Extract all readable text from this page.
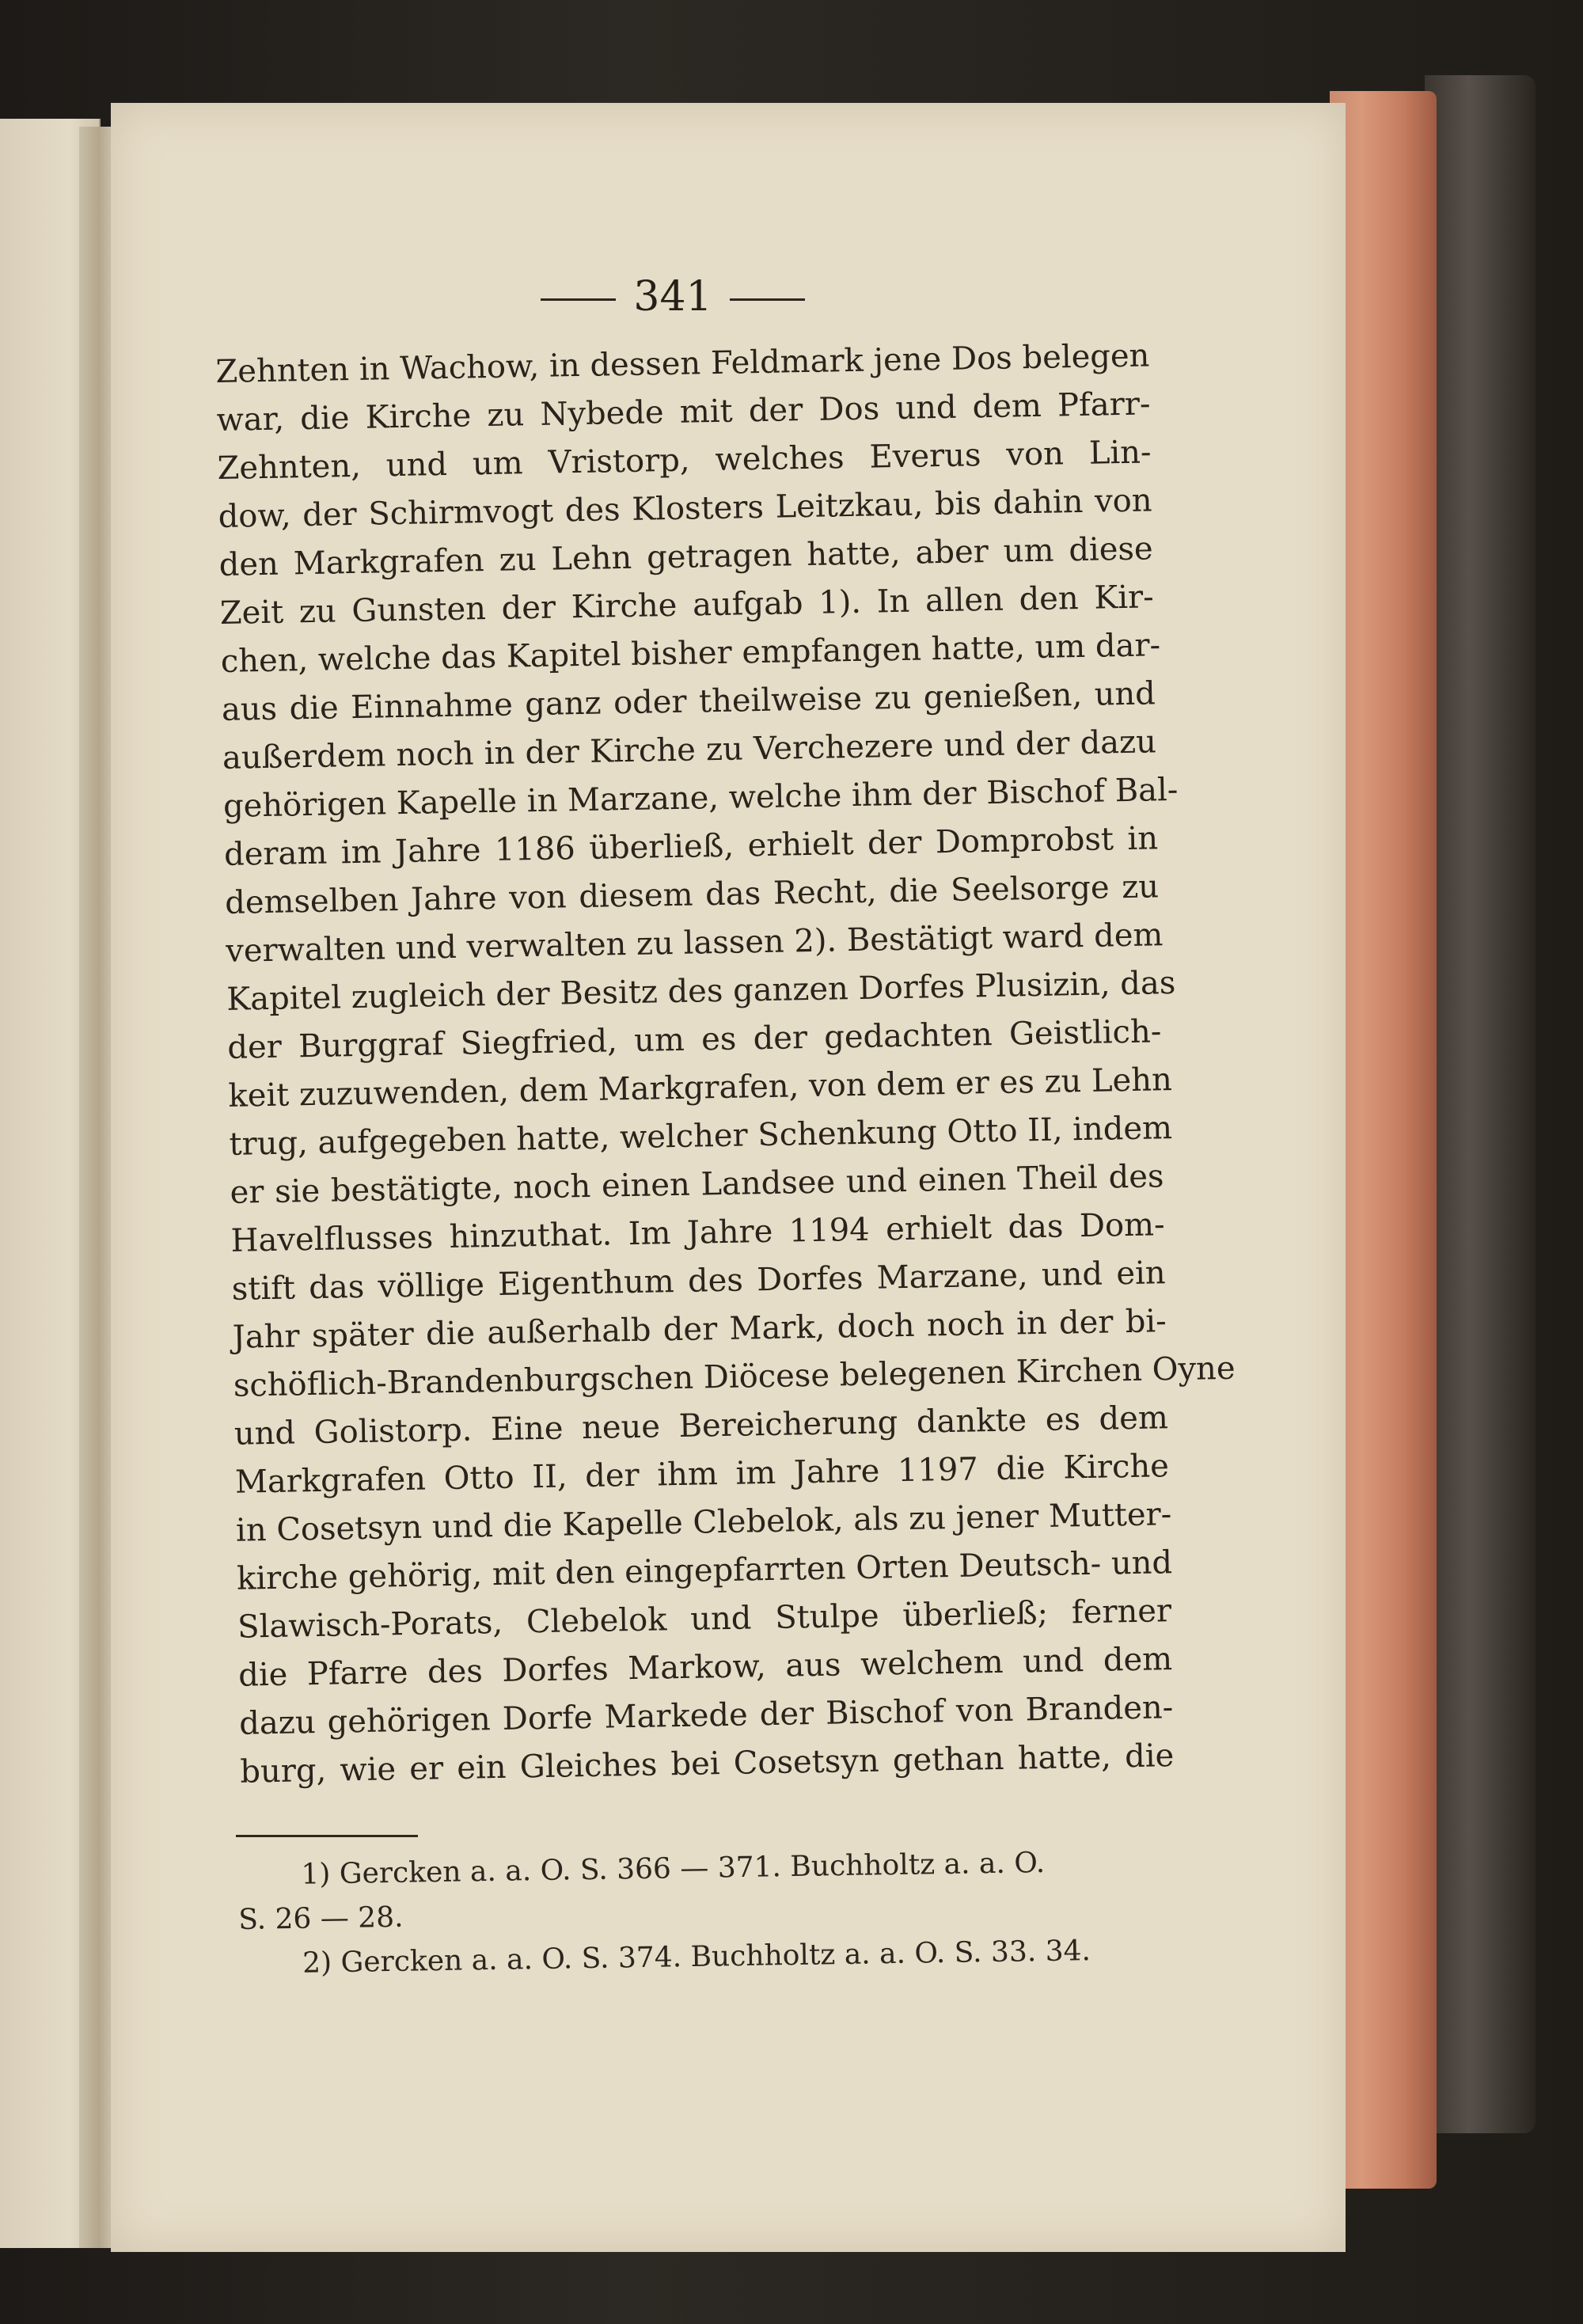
341
Zehnten in Wachow, in dessen Feldmark jene Dos belegen
war, die Kirche zu Nybede mit der Dos und dem Pfarr-
Zehnten, und um Vristorp, welches Everus von Lin-
dow, der Schirmvogt des Klosters Leitzkau, bis dahin von
den Markgrafen zu Lehn getragen hatte, aber um diese
Zeit zu Gunsten der Kirche aufgab 1). In allen den Kir-
chen, welche das Kapitel bisher empfangen hatte, um dar-
aus die Einnahme ganz oder theilweise zu genießen, und
außerdem noch in der Kirche zu Verchezere und der dazu
gehörigen Kapelle in Marzane, welche ihm der Bischof Bal-
deram im Jahre 1186 überließ, erhielt der Domprobst in
demselben Jahre von diesem das Recht, die Seelsorge zu
verwalten und verwalten zu lassen 2). Bestätigt ward dem
Kapitel zugleich der Besitz des ganzen Dorfes Plusizin, das
der Burggraf Siegfried, um es der gedachten Geistlich-
keit zuzuwenden, dem Markgrafen, von dem er es zu Lehn
trug, aufgegeben hatte, welcher Schenkung Otto II, indem
er sie bestätigte, noch einen Landsee und einen Theil des
Havelflusses hinzuthat. Im Jahre 1194 erhielt das Dom-
stift das völlige Eigenthum des Dorfes Marzane, und ein
Jahr später die außerhalb der Mark, doch noch in der bi-
schöflich-Brandenburgschen Diöcese belegenen Kirchen Oyne
und Golistorp. Eine neue Bereicherung dankte es dem
Markgrafen Otto II, der ihm im Jahre 1197 die Kirche
in Cosetsyn und die Kapelle Clebelok, als zu jener Mutter-
kirche gehörig, mit den eingepfarrten Orten Deutsch- und
Slawisch-Porats, Clebelok und Stulpe überließ; ferner
die Pfarre des Dorfes Markow, aus welchem und dem
dazu gehörigen Dorfe Markede der Bischof von Branden-
burg, wie er ein Gleiches bei Cosetsyn gethan hatte, die
1) Gercken a. a. O. S. 366 — 371. Buchholtz a. a. O.
S. 26 — 28.
2) Gercken a. a. O. S. 374. Buchholtz a. a. O. S. 33. 34.
